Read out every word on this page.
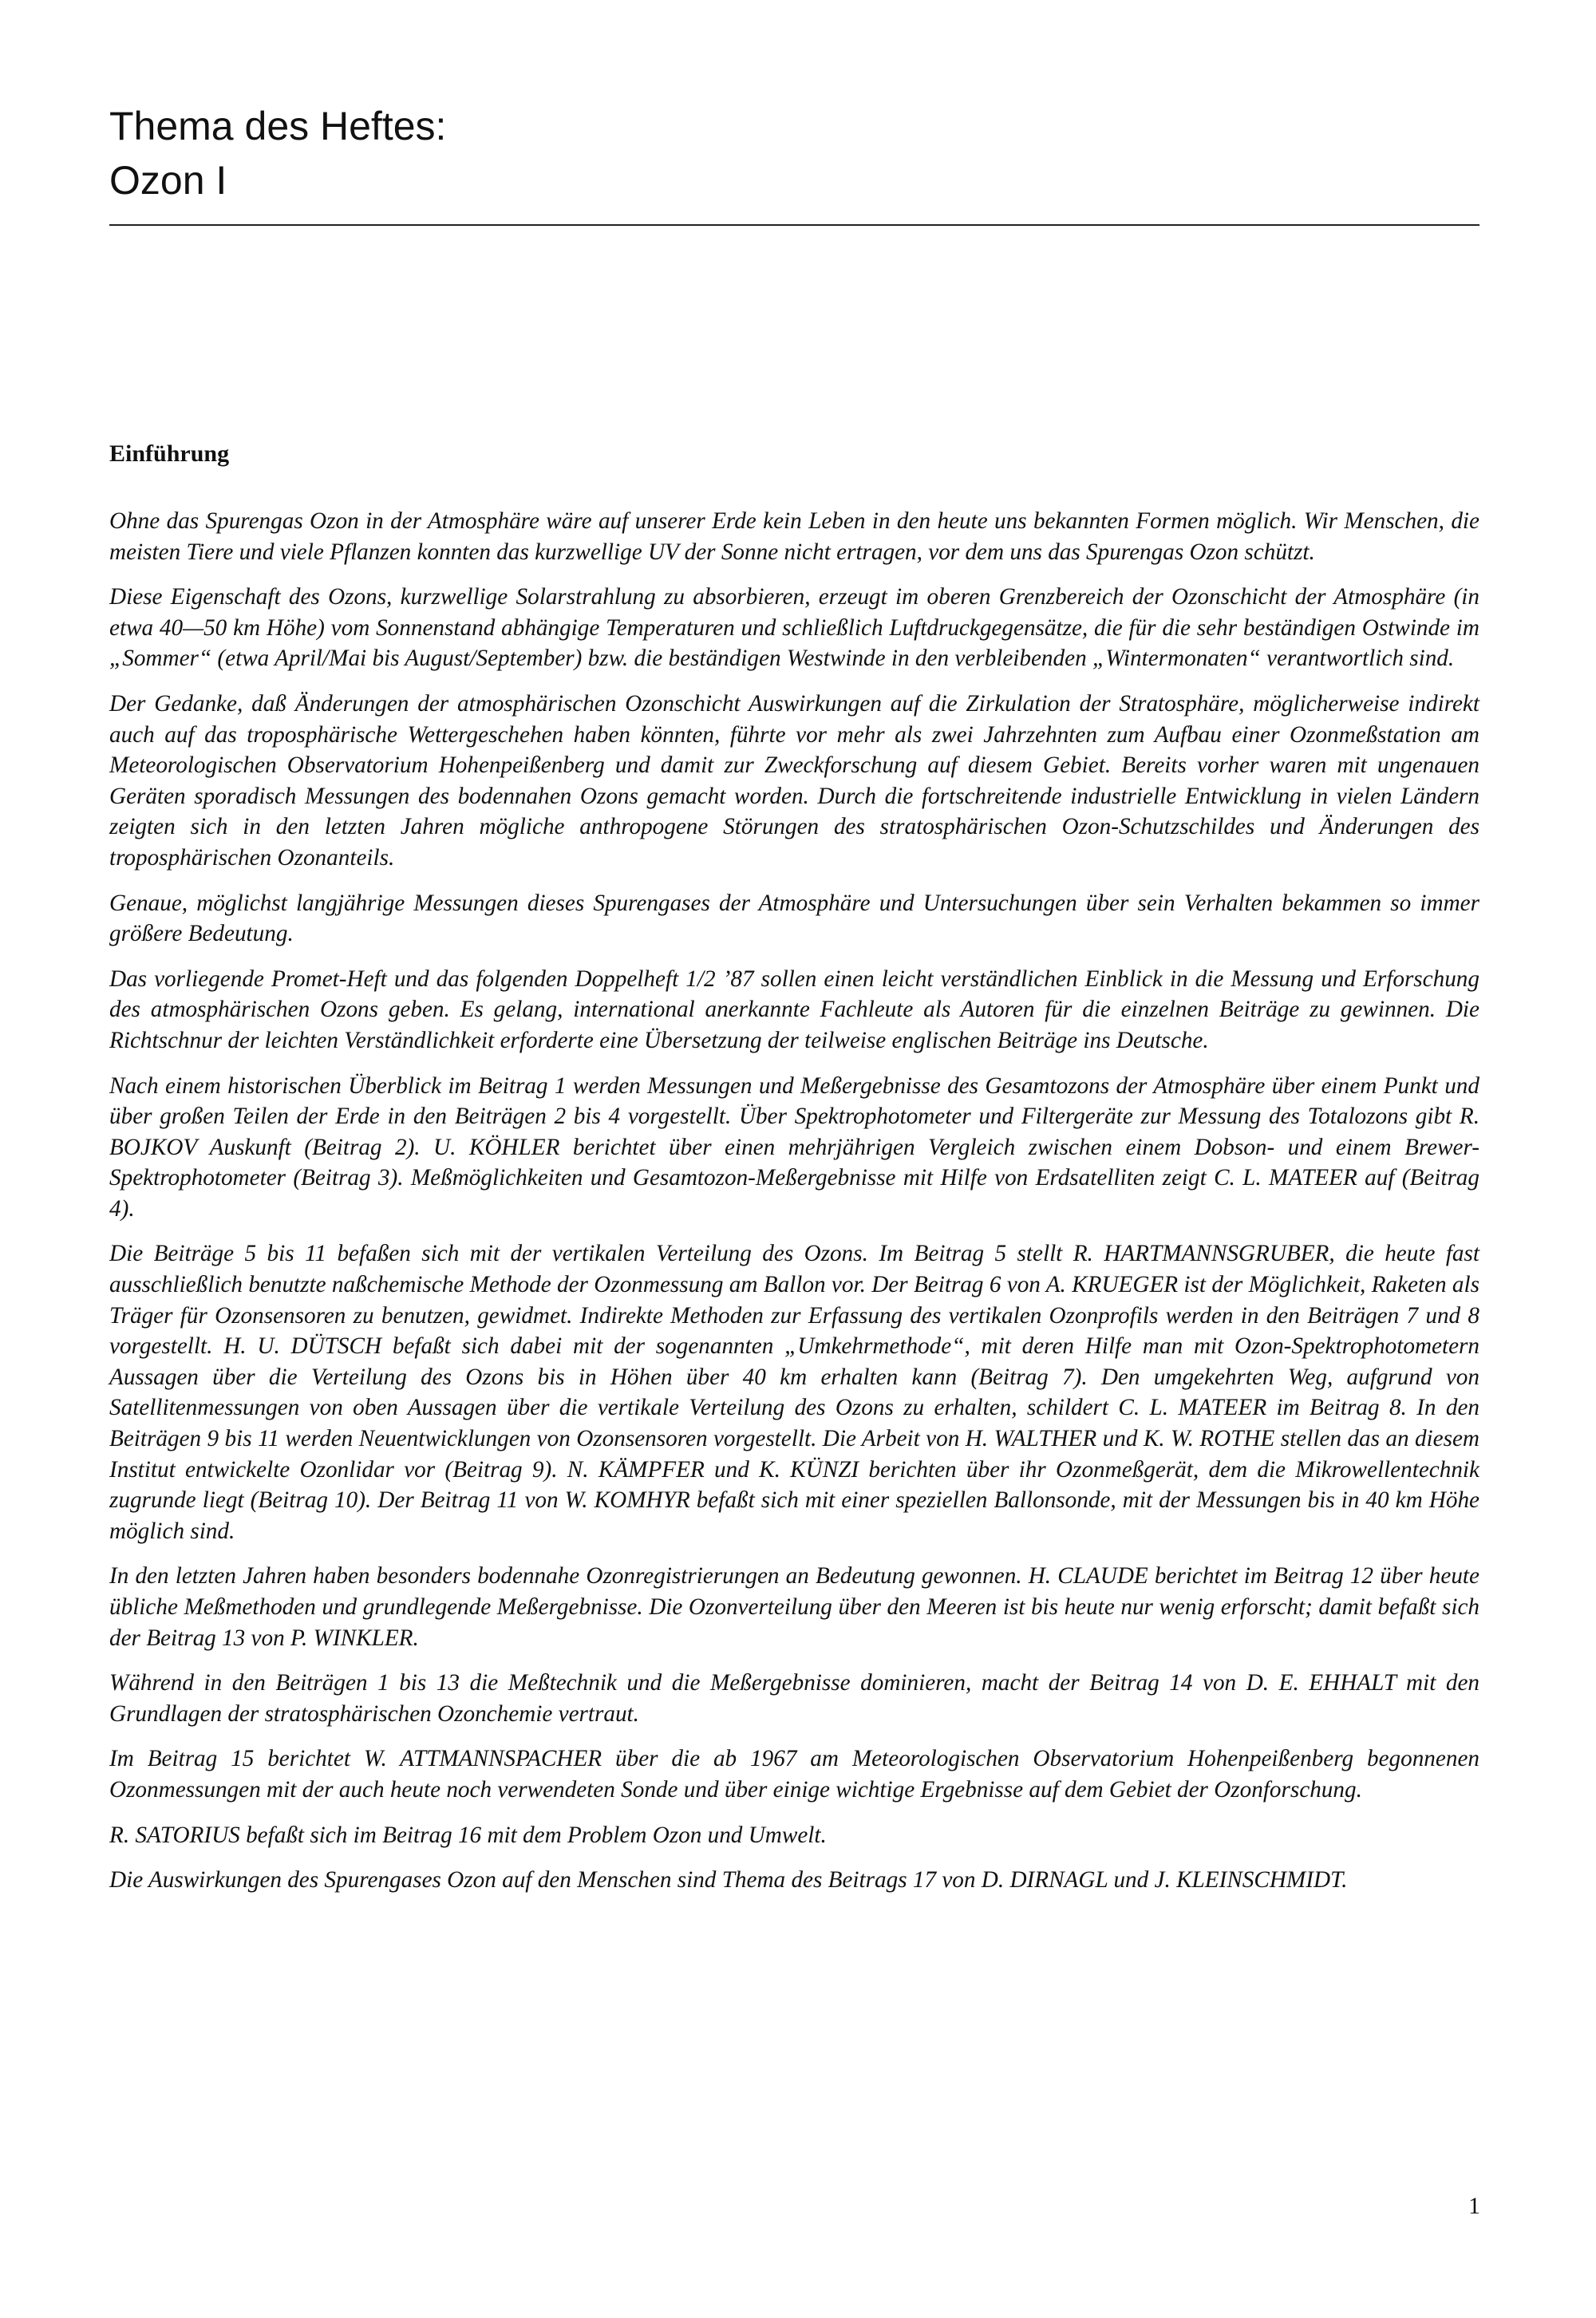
Thema des Heftes:
Ozon I
Einführung

Ohne das Spurengas Ozon in der Atmosphäre wäre auf unserer Erde kein Leben in den heute uns bekannten Formen möglich. Wir Menschen, die meisten Tiere und viele Pflanzen konnten das kurzwellige UV der Sonne nicht ertragen, vor dem uns das Spurengas Ozon schützt.

Diese Eigenschaft des Ozons, kurzwellige Solarstrahlung zu absorbieren, erzeugt im oberen Grenzbereich der Ozonschicht der Atmosphäre (in etwa 40—50 km Höhe) vom Sonnenstand abhängige Temperaturen und schließlich Luftdruckgegensätze, die für die sehr beständigen Ostwinde im „Sommer“ (etwa April/Mai bis August/September) bzw. die beständigen Westwinde in den verbleibenden „Wintermonaten“ verantwortlich sind.

Der Gedanke, daß Änderungen der atmosphärischen Ozonschicht Auswirkungen auf die Zirkulation der Stratosphäre, möglicherweise indirekt auch auf das troposphärische Wettergeschehen haben könnten, führte vor mehr als zwei Jahrzehnten zum Aufbau einer Ozonmeßstation am Meteorologischen Observatorium Hohenpeißenberg und damit zur Zweckforschung auf diesem Gebiet. Bereits vorher waren mit ungenauen Geräten sporadisch Messungen des bodennahen Ozons gemacht worden. Durch die fortschreitende industrielle Entwicklung in vielen Ländern zeigten sich in den letzten Jahren mögliche anthropogene Störungen des stratosphärischen Ozon-Schutzschildes und Änderungen des troposphärischen Ozonanteils.

Genaue, möglichst langjährige Messungen dieses Spurengases der Atmosphäre und Untersuchungen über sein Verhalten bekammen so immer größere Bedeutung.

Das vorliegende Promet-Heft und das folgenden Doppelheft 1/2 ’87 sollen einen leicht verständlichen Einblick in die Messung und Erforschung des atmosphärischen Ozons geben. Es gelang, international anerkannte Fachleute als Autoren für die einzelnen Beiträge zu gewinnen. Die Richtschnur der leichten Verständlichkeit erforderte eine Übersetzung der teilweise englischen Beiträge ins Deutsche.

Nach einem historischen Überblick im Beitrag 1 werden Messungen und Meßergebnisse des Gesamtozons der Atmosphäre über einem Punkt und über großen Teilen der Erde in den Beiträgen 2 bis 4 vorgestellt. Über Spektrophotometer und Filtergeräte zur Messung des Totalozons gibt R. BOJKOV Auskunft (Beitrag 2). U. KÖHLER berichtet über einen mehrjährigen Vergleich zwischen einem Dobson- und einem Brewer-Spektrophotometer (Beitrag 3). Meßmöglichkeiten und Gesamtozon-Meßergebnisse mit Hilfe von Erdsatelliten zeigt C. L. MATEER auf (Beitrag 4).

Die Beiträge 5 bis 11 befaßen sich mit der vertikalen Verteilung des Ozons. Im Beitrag 5 stellt R. HARTMANNSGRUBER, die heute fast ausschließlich benutzte naßchemische Methode der Ozonmessung am Ballon vor. Der Beitrag 6 von A. KRUEGER ist der Möglichkeit, Raketen als Träger für Ozonsensoren zu benutzen, gewidmet. Indirekte Methoden zur Erfassung des vertikalen Ozonprofils werden in den Beiträgen 7 und 8 vorgestellt. H. U. DÜTSCH befaßt sich dabei mit der sogenannten „Umkehrmethode“, mit deren Hilfe man mit Ozon-Spektrophotometern Aussagen über die Verteilung des Ozons bis in Höhen über 40 km erhalten kann (Beitrag 7). Den umgekehrten Weg, aufgrund von Satellitenmessungen von oben Aussagen über die vertikale Verteilung des Ozons zu erhalten, schildert C. L. MATEER im Beitrag 8. In den Beiträgen 9 bis 11 werden Neuentwicklungen von Ozonsensoren vorgestellt. Die Arbeit von H. WALTHER und K. W. ROTHE stellen das an diesem Institut entwickelte Ozonlidar vor (Beitrag 9). N. KÄMPFER und K. KÜNZI berichten über ihr Ozonmeßgerät, dem die Mikrowellentechnik zugrunde liegt (Beitrag 10). Der Beitrag 11 von W. KOMHYR befaßt sich mit einer speziellen Ballonsonde, mit der Messungen bis in 40 km Höhe möglich sind.

In den letzten Jahren haben besonders bodennahe Ozonregistrierungen an Bedeutung gewonnen. H. CLAUDE berichtet im Beitrag 12 über heute übliche Meßmethoden und grundlegende Meßergebnisse. Die Ozonverteilung über den Meeren ist bis heute nur wenig erforscht; damit befaßt sich der Beitrag 13 von P. WINKLER.

Während in den Beiträgen 1 bis 13 die Meßtechnik und die Meßergebnisse dominieren, macht der Beitrag 14 von D. E. EHHALT mit den Grundlagen der stratosphärischen Ozonchemie vertraut.

Im Beitrag 15 berichtet W. ATTMANNSPACHER über die ab 1967 am Meteorologischen Observatorium Hohenpeißenberg begonnenen Ozonmessungen mit der auch heute noch verwendeten Sonde und über einige wichtige Ergebnisse auf dem Gebiet der Ozonforschung.

R. SATORIUS befaßt sich im Beitrag 16 mit dem Problem Ozon und Umwelt.

Die Auswirkungen des Spurengases Ozon auf den Menschen sind Thema des Beitrags 17 von D. DIRNAGL und J. KLEINSCHMIDT.

1
